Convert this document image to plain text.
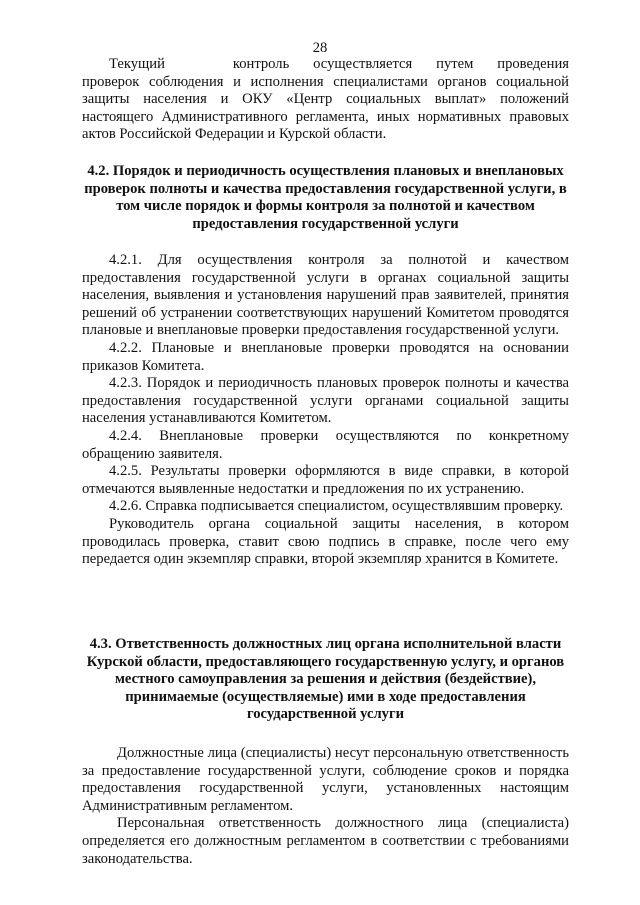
28

Текущий	контроль осуществляется путем проведения проверок соблюдения и исполнения специалистами органов социальной защиты населения и ОКУ «Центр социальных выплат» положений настоящего Административного регламента, иных нормативных правовых актов Российской Федерации и Курской области.

4.2. Порядок и периодичность осуществления плановых и внеплановых проверок полноты и качества предоставления государственной услуги, в том числе порядок и формы контроля за полнотой и качеством предоставления государственной услуги

4.2.1. Для осуществления контроля за полнотой и качеством предоставления государственной услуги в органах социальной защиты населения, выявления и установления нарушений прав заявителей, принятия решений об устранении соответствующих нарушений Комитетом проводятся плановые и внеплановые проверки предоставления государственной услуги.

4.2.2. Плановые и внеплановые проверки проводятся на основании приказов Комитета.

4.2.3. Порядок и периодичность плановых проверок полноты и качества предоставления государственной услуги органами социальной защиты населения устанавливаются Комитетом.

4.2.4. Внеплановые проверки осуществляются по конкретному обращению заявителя.

4.2.5. Результаты проверки оформляются в виде справки, в которой отмечаются выявленные недостатки и предложения по их устранению.

4.2.6. Справка подписывается специалистом, осуществлявшим проверку.

Руководитель органа социальной защиты населения, в котором проводилась проверка, ставит свою подпись в справке, после чего ему передается один экземпляр справки, второй экземпляр хранится в Комитете.

4.3. Ответственность должностных лиц органа исполнительной власти Курской области, предоставляющего государственную услугу, и органов местного самоуправления за решения и действия (бездействие), принимаемые (осуществляемые) ими в ходе предоставления государственной услуги

Должностные лица (специалисты) несут персональную ответственность за предоставление государственной услуги, соблюдение сроков и порядка предоставления государственной услуги, установленных настоящим Административным регламентом.

Персональная ответственность должностного лица (специалиста) определяется его должностным регламентом в соответствии с требованиями законодательства.
